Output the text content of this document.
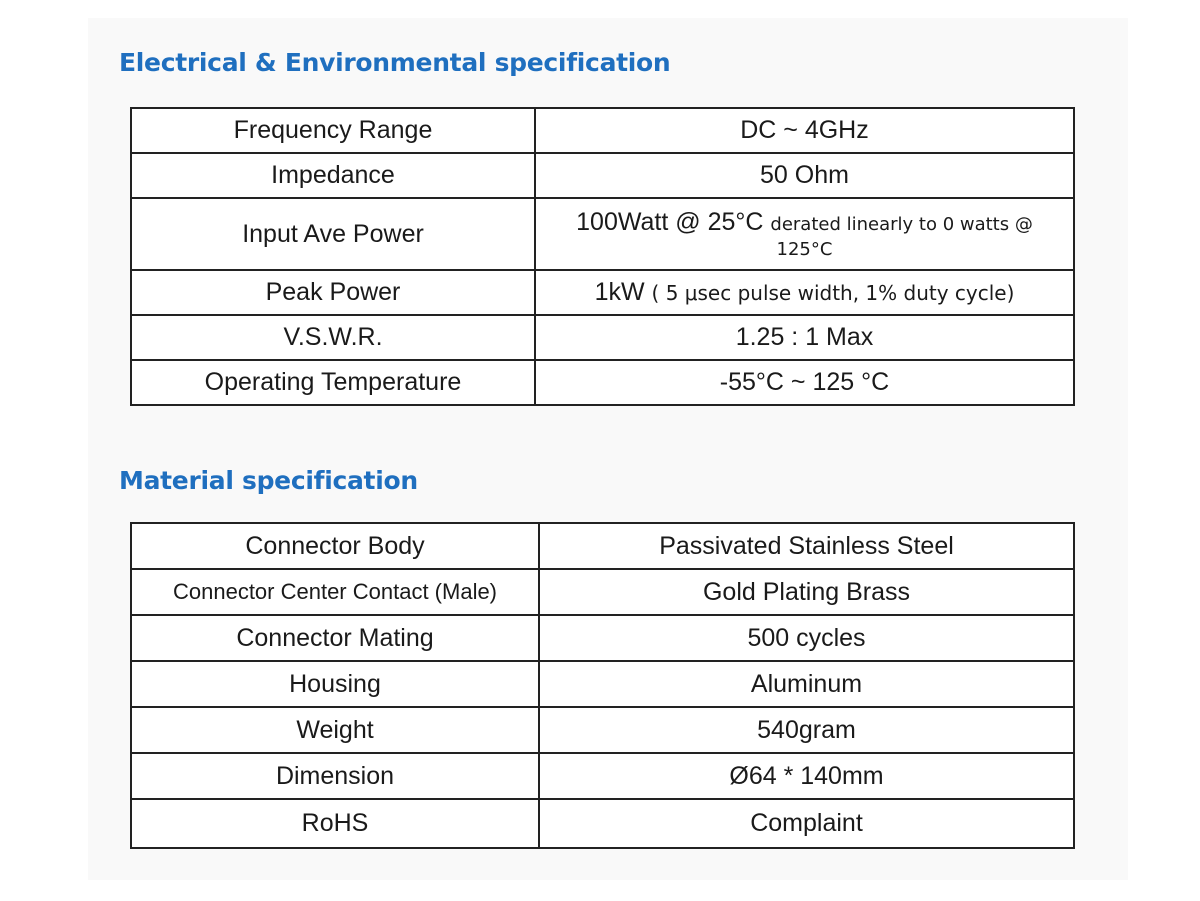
Electrical & Environmental specification
Frequency Range	DC ~ 4GHz
Impedance	50 Ohm
Input Ave Power	100Watt @ 25°C derated linearly to 0 watts @
125°C

Peak Power	1kW ( 5 μsec pulse width, 1% duty cycle)
V.S.W.R.	1.25 : 1 Max
Operating Temperature	-55°C ~ 125 °C
Material specification
Connector Body	Passivated Stainless Steel
Connector Center Contact (Male)	Gold Plating Brass
Connector Mating	500 cycles
Housing	Aluminum
Weight	540gram
Dimension	Ø64 * 140mm
RoHS	Complaint
